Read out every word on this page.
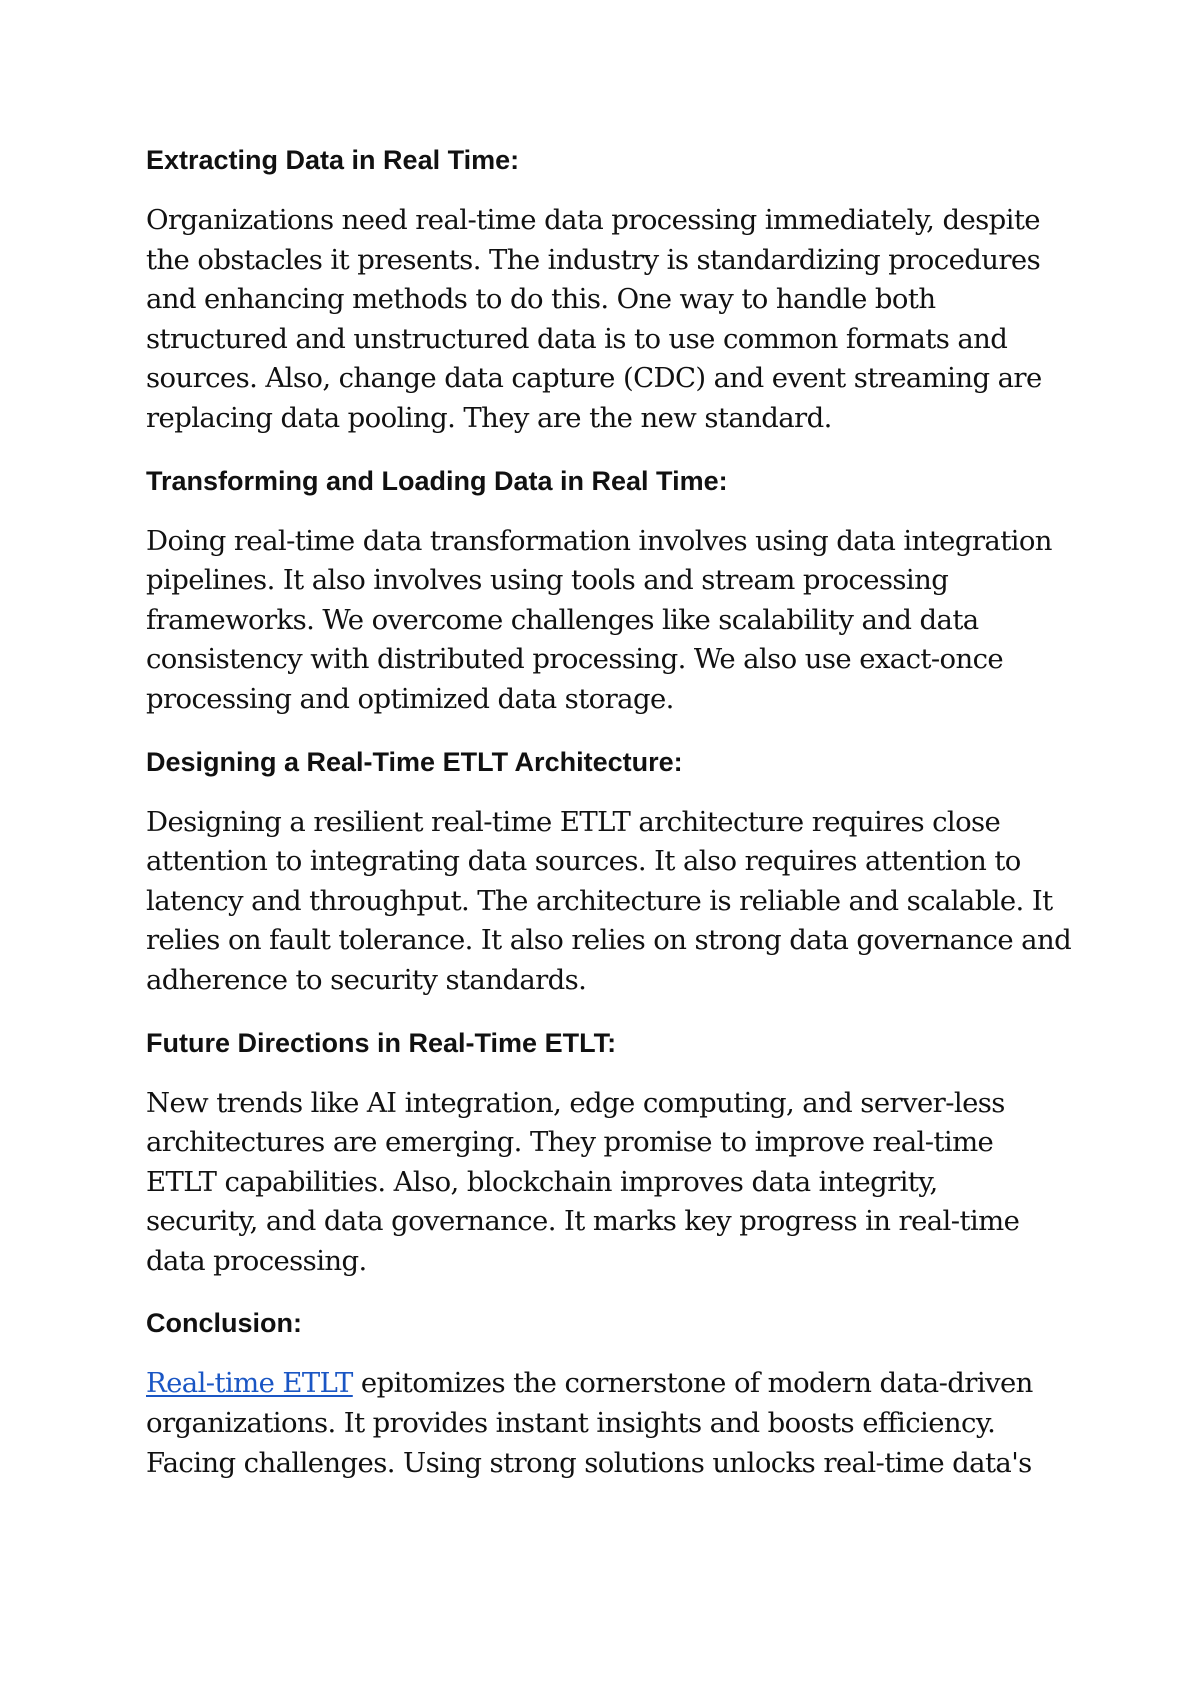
Extracting Data in Real Time:

Organizations need real-time data processing immediately, despite
the obstacles it presents. The industry is standardizing procedures
and enhancing methods to do this. One way to handle both
structured and unstructured data is to use common formats and
sources. Also, change data capture (CDC) and event streaming are
replacing data pooling. They are the new standard.

Transforming and Loading Data in Real Time:

Doing real-time data transformation involves using data integration
pipelines. It also involves using tools and stream processing
frameworks. We overcome challenges like scalability and data
consistency with distributed processing. We also use exact-once
processing and optimized data storage.

Designing a Real-Time ETLT Architecture:

Designing a resilient real-time ETLT architecture requires close
attention to integrating data sources. It also requires attention to
latency and throughput. The architecture is reliable and scalable. It
relies on fault tolerance. It also relies on strong data governance and
adherence to security standards.

Future Directions in Real-Time ETLT:

New trends like AI integration, edge computing, and server-less
architectures are emerging. They promise to improve real-time
ETLT capabilities. Also, blockchain improves data integrity,
security, and data governance. It marks key progress in real-time
data processing.

Conclusion:

Real-time ETLT epitomizes the cornerstone of modern data-driven
organizations. It provides instant insights and boosts efficiency.
Facing challenges. Using strong solutions unlocks real-time data's
